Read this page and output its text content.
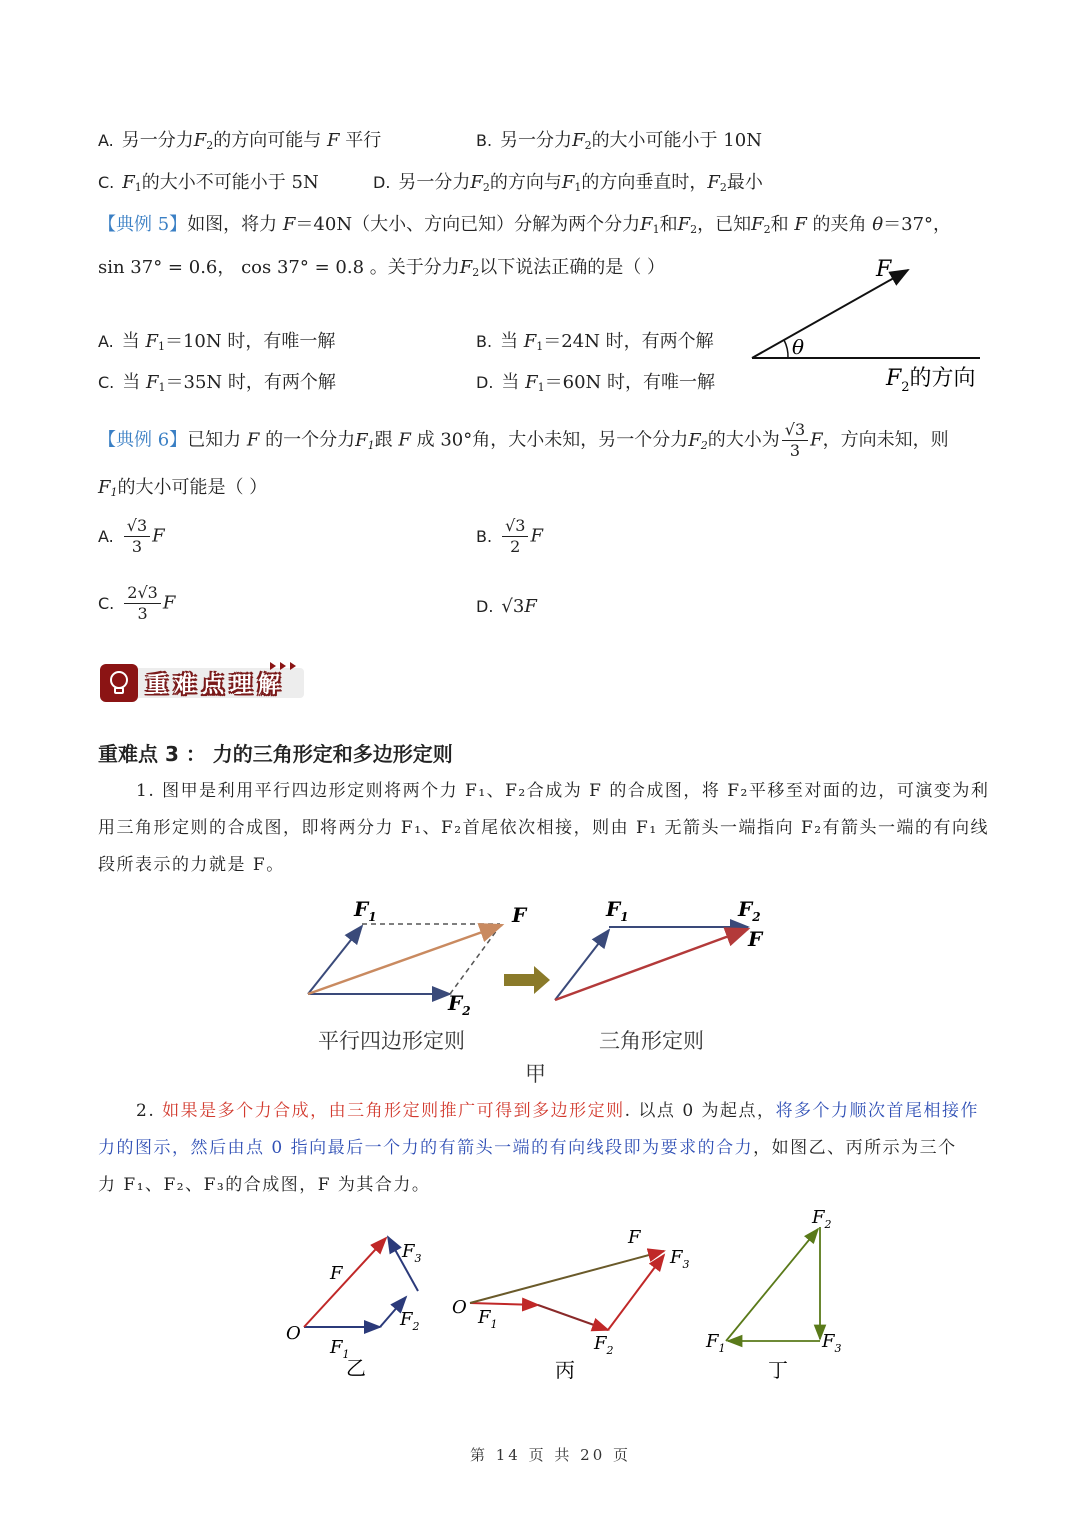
A. 另一分力$F_2$的方向可能与 F 平行	B. 另一分力$F_2$的大小可能小于 10N
C. $F_1$的大小不可能小于 5N	D. 另一分力$F_2$的方向与$F_1$的方向垂直时，$F_2$最小
【典例 5】如图，将力 F＝40N（大小、方向已知）分解为两个分力$F_1$和$F_2$，已知$F_2$和 F 的夹角 θ＝37°，
sin 37° = 0.6， cos 37° = 0.8 。关于分力$F_2$以下说法正确的是（ ）
A. 当 $F_1=10N$ 时，有唯一解	B. 当 $F_1=24N$ 时，有两个解
C. 当 $F_1=35N$ 时，有两个解	D. 当 $F_1=60N$ 时，有唯一解
θ
F
$F_2$的方向
【典例 6】已知力 F 的一个分力$F_1$跟 F 成 30°角，大小未知，另一个分力$F_2$的大小为 $\frac{√3}{3}$ F，方向未知，则
$F_1$的大小可能是（ ）
A. $\frac{√3}{3}$ F	B. $\frac{√3}{2}$ F
C. $\frac{2√3}{3}$ F	D. √3F
重难点理解
重难点 3 ： 力的三角形定和多边形定则
1. 图甲是利用平行四边形定则将两个力 F₁、F₂合成为 F 的合成图，将 F₂平移至对面的边，可演变为利
用三角形定则的合成图，即将两分力 F₁、F₂首尾依次相接，则由 F₁ 无箭头一端指向 F₂有箭头一端的有向线
段所表示的力就是 F。
$F_1$
$F_2$
F	$F_1$	$F_2$
F
平行四边形定则	三角形定则
甲
2. 如果是多个力合成，由三角形定则推广可得到多边形定则. 以点 0 为起点，将多个力顺次首尾相接作
力的图示，然后由点 0 指向最后一个力的有箭头一端的有向线段即为要求的合力，如图乙、丙所示为三个
力 F₁、F₂、F₃的合成图，F 为其合力。
O
$F_1$
$F_2$
$F_3$
F
乙
O $F_1$
$F_2$
$F_3$
F
丙
$F_2$
$F_1$	$F_3$
丁
第 14 页 共 20 页
